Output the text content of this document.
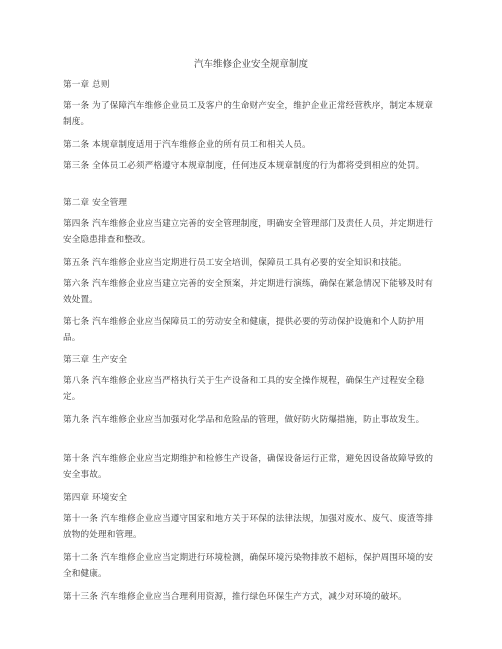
汽车维修企业安全规章制度
第一章 总则
第一条 为了保障汽车维修企业员工及客户的生命财产安全，维护企业正常经营秩序，制定本规章制度。
第二条 本规章制度适用于汽车维修企业的所有员工和相关人员。
第三条 全体员工必须严格遵守本规章制度，任何违反本规章制度的行为都将受到相应的处罚。
第二章 安全管理
第四条 汽车维修企业应当建立完善的安全管理制度，明确安全管理部门及责任人员，并定期进行安全隐患排查和整改。
第五条 汽车维修企业应当定期进行员工安全培训，保障员工具有必要的安全知识和技能。
第六条 汽车维修企业应当建立完善的安全预案，并定期进行演练，确保在紧急情况下能够及时有效处置。
第七条 汽车维修企业应当保障员工的劳动安全和健康，提供必要的劳动保护设施和个人防护用品。
第三章 生产安全
第八条 汽车维修企业应当严格执行关于生产设备和工具的安全操作规程，确保生产过程安全稳定。
第九条 汽车维修企业应当加强对化学品和危险品的管理，做好防火防爆措施，防止事故发生。
第十条 汽车维修企业应当定期维护和检修生产设备，确保设备运行正常，避免因设备故障导致的安全事故。
第四章 环境安全
第十一条 汽车维修企业应当遵守国家和地方关于环保的法律法规，加强对废水、废气、废渣等排放物的处理和管理。
第十二条 汽车维修企业应当定期进行环境检测，确保环境污染物排放不超标，保护周围环境的安全和健康。
第十三条 汽车维修企业应当合理利用资源，推行绿色环保生产方式，减少对环境的破坏。
